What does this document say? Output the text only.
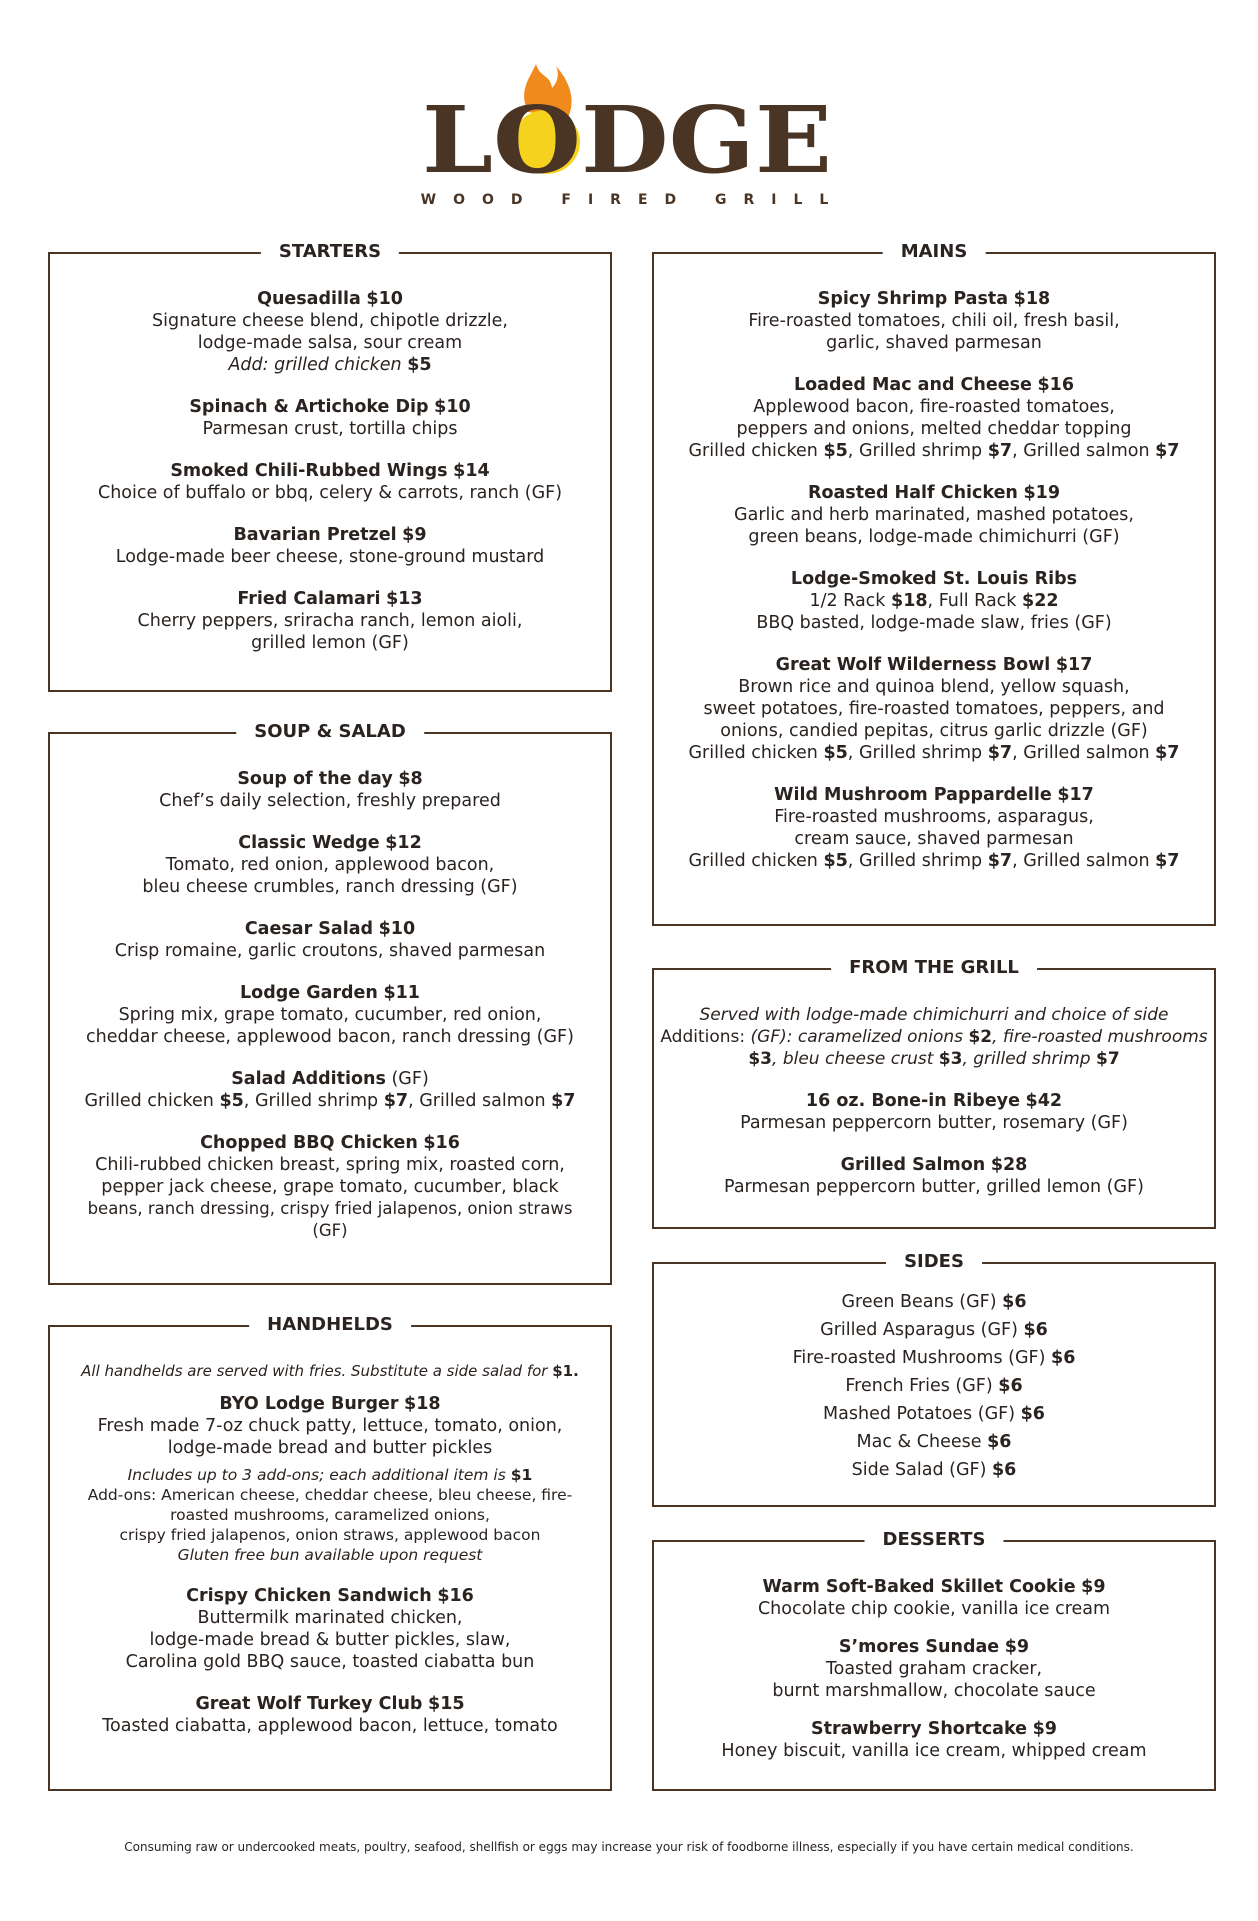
LODGE
WOOD FIRED GRILL
STARTERS
Quesadilla $10
Signature cheese blend, chipotle drizzle,
lodge-made salsa, sour cream
Add: grilled chicken $5
Spinach & Artichoke Dip $10
Parmesan crust, tortilla chips
Smoked Chili-Rubbed Wings $14
Choice of buffalo or bbq, celery & carrots, ranch (GF)
Bavarian Pretzel $9
Lodge-made beer cheese, stone-ground mustard
Fried Calamari $13
Cherry peppers, sriracha ranch, lemon aioli,
grilled lemon (GF)
SOUP & SALAD
Soup of the day $8
Chef’s daily selection, freshly prepared
Classic Wedge $12
Tomato, red onion, applewood bacon,
bleu cheese crumbles, ranch dressing (GF)
Caesar Salad $10
Crisp romaine, garlic croutons, shaved parmesan
Lodge Garden $11
Spring mix, grape tomato, cucumber, red onion,
cheddar cheese, applewood bacon, ranch dressing (GF)
Salad Additions (GF)
Grilled chicken $5, Grilled shrimp $7, Grilled salmon $7
Chopped BBQ Chicken $16
Chili-rubbed chicken breast, spring mix, roasted corn,
pepper jack cheese, grape tomato, cucumber, black
beans, ranch dressing, crispy fried jalapenos, onion straws
(GF)
HANDHELDS
All handhelds are served with fries. Substitute a side salad for $1.
BYO Lodge Burger $18
Fresh made 7-oz chuck patty, lettuce, tomato, onion,
lodge-made bread and butter pickles
Includes up to 3 add-ons; each additional item is $1
Add-ons: American cheese, cheddar cheese, bleu cheese, fire-
roasted mushrooms, caramelized onions,
crispy fried jalapenos, onion straws, applewood bacon
Gluten free bun available upon request
Crispy Chicken Sandwich $16
Buttermilk marinated chicken,
lodge-made bread & butter pickles, slaw,
Carolina gold BBQ sauce, toasted ciabatta bun
Great Wolf Turkey Club $15
Toasted ciabatta, applewood bacon, lettuce, tomato
MAINS
Spicy Shrimp Pasta $18
Fire-roasted tomatoes, chili oil, fresh basil,
garlic, shaved parmesan
Loaded Mac and Cheese $16
Applewood bacon, fire-roasted tomatoes,
peppers and onions, melted cheddar topping
Grilled chicken $5, Grilled shrimp $7, Grilled salmon $7
Roasted Half Chicken $19
Garlic and herb marinated, mashed potatoes,
green beans, lodge-made chimichurri (GF)
Lodge-Smoked St. Louis Ribs
1/2 Rack $18, Full Rack $22
BBQ basted, lodge-made slaw, fries (GF)
Great Wolf Wilderness Bowl $17
Brown rice and quinoa blend, yellow squash,
sweet potatoes, fire-roasted tomatoes, peppers, and
onions, candied pepitas, citrus garlic drizzle (GF)
Grilled chicken $5, Grilled shrimp $7, Grilled salmon $7
Wild Mushroom Pappardelle $17
Fire-roasted mushrooms, asparagus,
cream sauce, shaved parmesan
Grilled chicken $5, Grilled shrimp $7, Grilled salmon $7
FROM THE GRILL
Served with lodge-made chimichurri and choice of side
Additions: (GF): caramelized onions $2, fire-roasted mushrooms $3, bleu cheese crust $3, grilled shrimp $7
16 oz. Bone-in Ribeye $42
Parmesan peppercorn butter, rosemary (GF)
Grilled Salmon $28
Parmesan peppercorn butter, grilled lemon (GF)
SIDES
Green Beans (GF) $6
Grilled Asparagus (GF) $6
Fire-roasted Mushrooms (GF) $6
French Fries (GF) $6
Mashed Potatoes (GF) $6
Mac & Cheese $6
Side Salad (GF) $6
DESSERTS
Warm Soft-Baked Skillet Cookie $9
Chocolate chip cookie, vanilla ice cream
S’mores Sundae $9
Toasted graham cracker,
burnt marshmallow, chocolate sauce
Strawberry Shortcake $9
Honey biscuit, vanilla ice cream, whipped cream
Consuming raw or undercooked meats, poultry, seafood, shellfish or eggs may increase your risk of foodborne illness, especially if you have certain medical conditions.
